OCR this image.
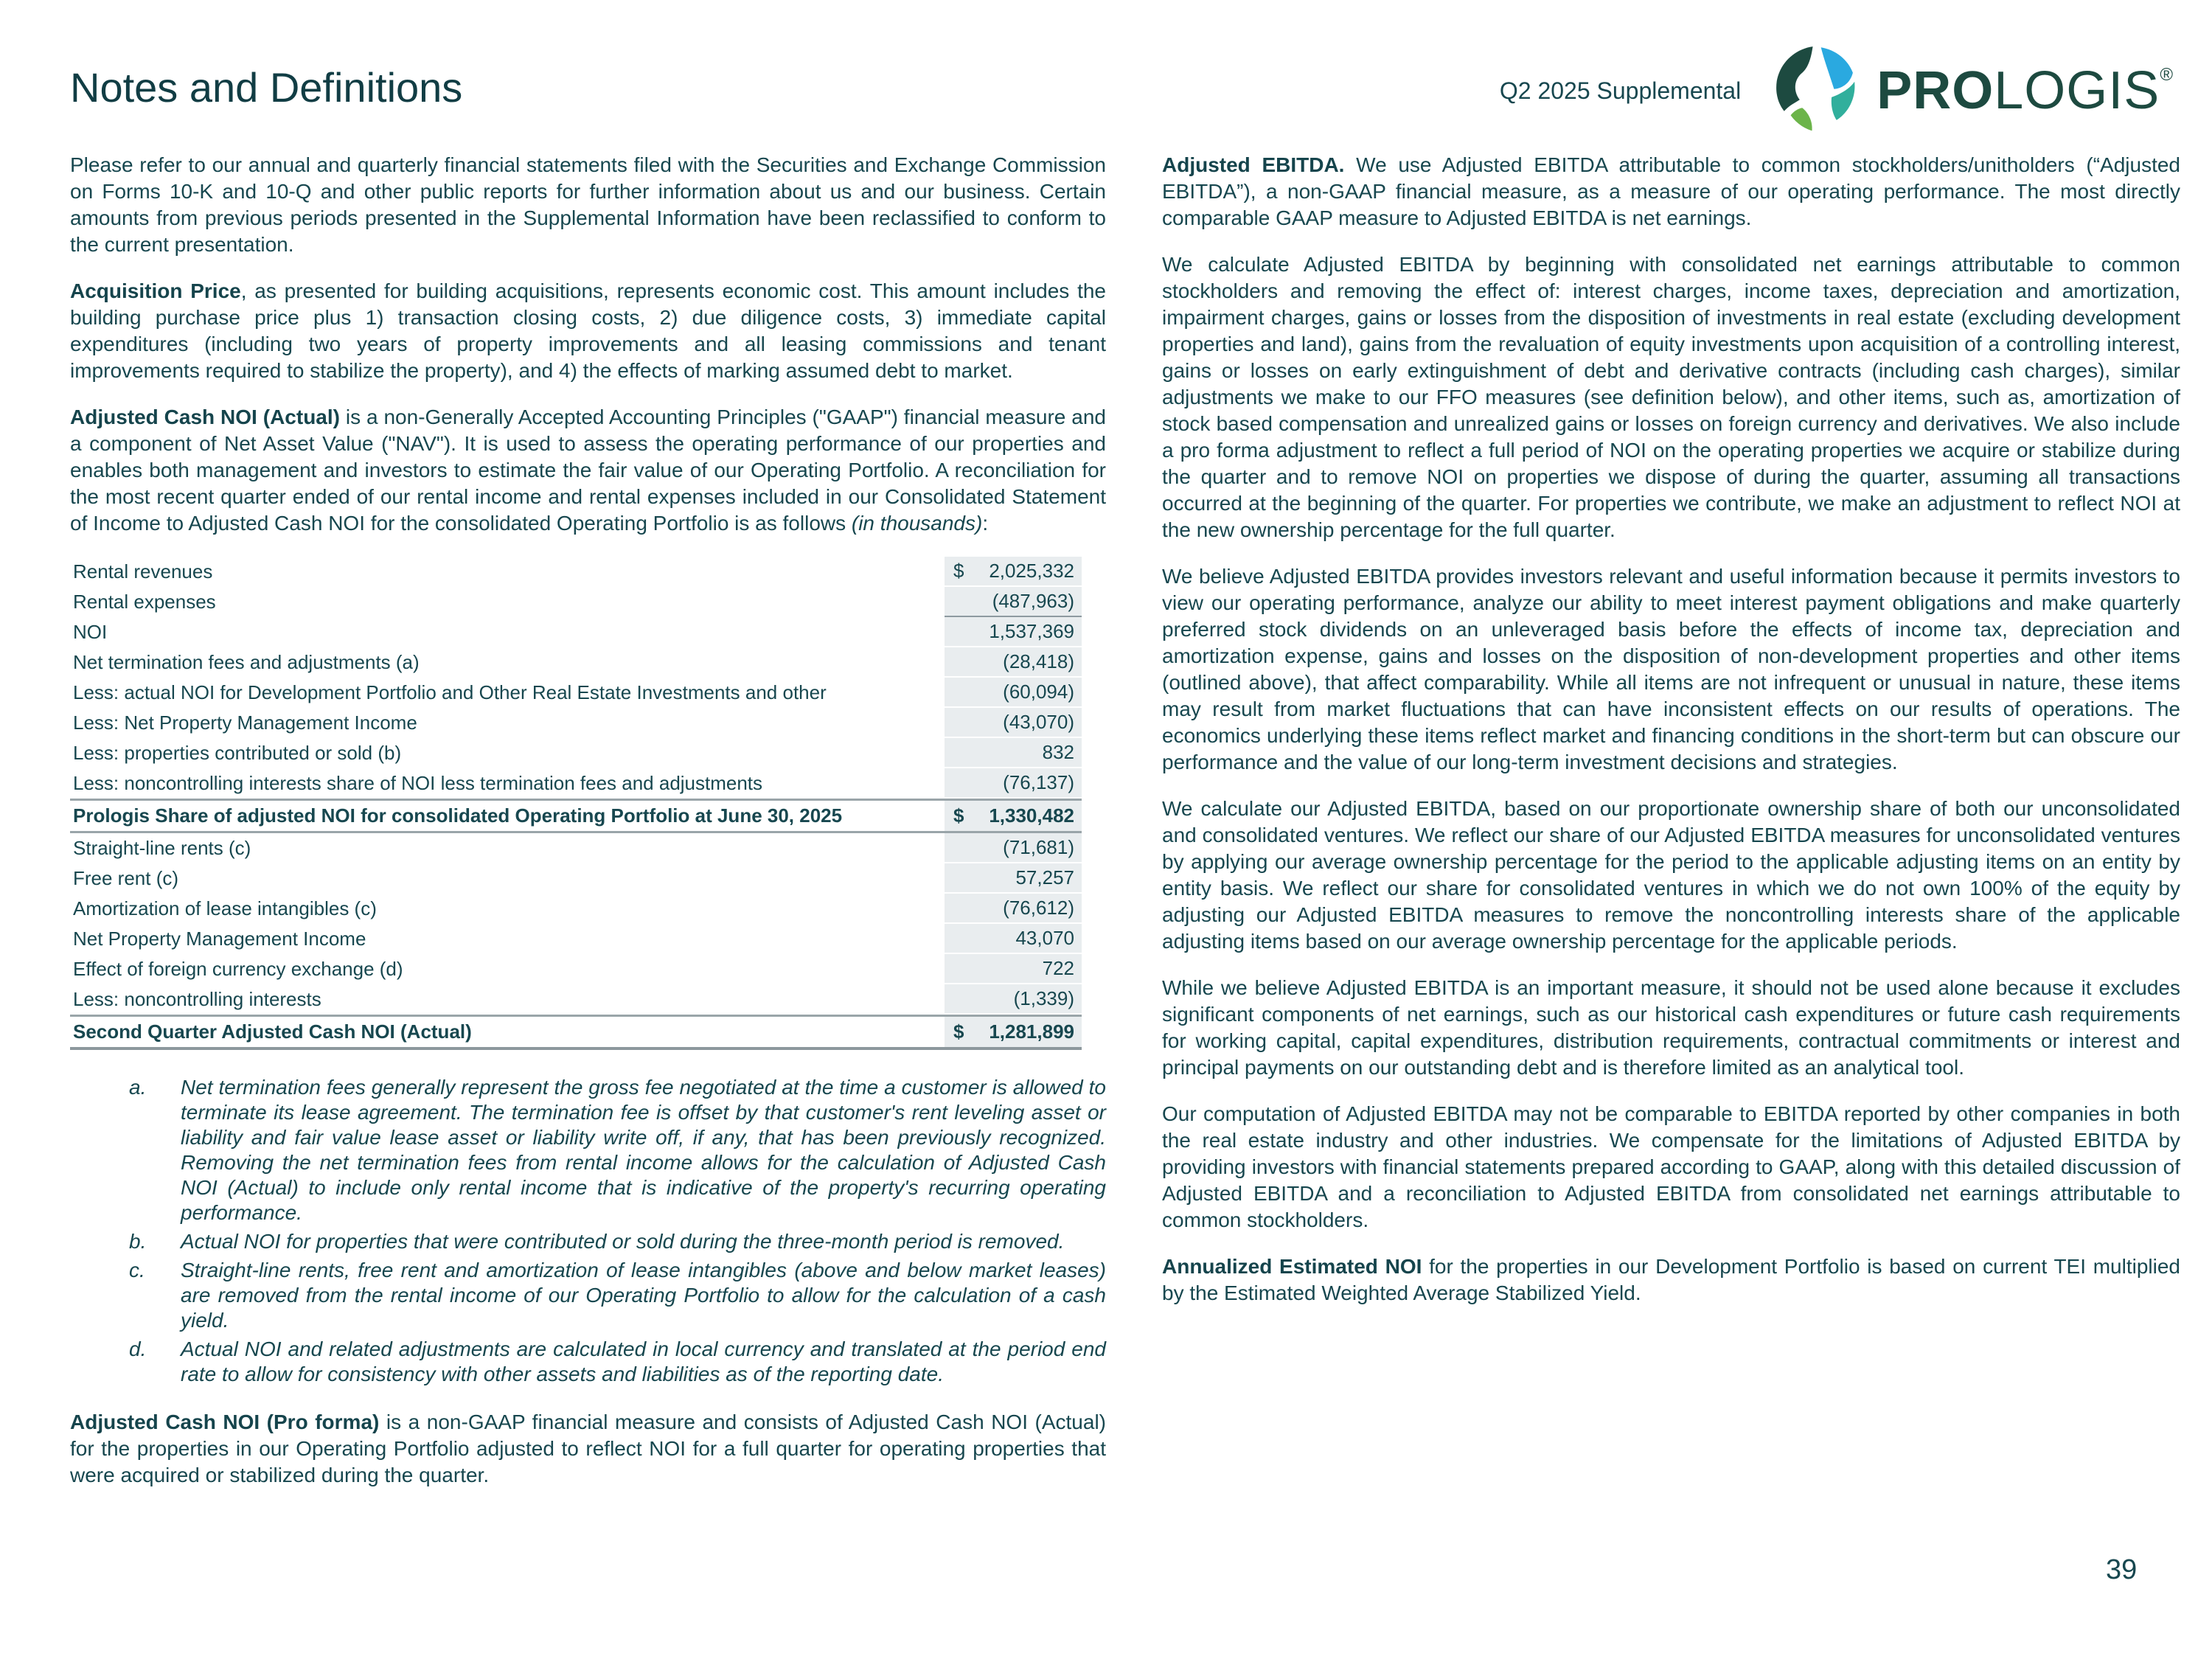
Notes and Definitions	Q2 2025 Supplemental	PROLOGIS®

Please refer to our annual and quarterly financial statements filed with the Securities and Exchange Commission on Forms 10-K and 10-Q and other public reports for further information about us and our business. Certain amounts from previous periods presented in the Supplemental Information have been reclassified to conform to the current presentation.

Acquisition Price, as presented for building acquisitions, represents economic cost. This amount includes the building purchase price plus 1) transaction closing costs, 2) due diligence costs, 3) immediate capital expenditures (including two years of property improvements and all leasing commissions and tenant improvements required to stabilize the property), and 4) the effects of marking assumed debt to market.

Adjusted Cash NOI (Actual) is a non-Generally Accepted Accounting Principles ("GAAP") financial measure and a component of Net Asset Value ("NAV"). It is used to assess the operating performance of our properties and enables both management and investors to estimate the fair value of our Operating Portfolio. A reconciliation for the most recent quarter ended of our rental income and rental expenses included in our Consolidated Statement of Income to Adjusted Cash NOI for the consolidated Operating Portfolio is as follows (in thousands):

Rental revenues	$ 2,025,332
Rental expenses	(487,963)
NOI	1,537,369
Net termination fees and adjustments (a)	(28,418)
Less: actual NOI for Development Portfolio and Other Real Estate Investments and other	(60,094)
Less: Net Property Management Income	(43,070)
Less: properties contributed or sold (b)	832
Less: noncontrolling interests share of NOI less termination fees and adjustments	(76,137)
Prologis Share of adjusted NOI for consolidated Operating Portfolio at June 30, 2025	$ 1,330,482
Straight-line rents (c)	(71,681)
Free rent (c)	57,257
Amortization of lease intangibles (c)	(76,612)
Net Property Management Income	43,070
Effect of foreign currency exchange (d)	722
Less: noncontrolling interests	(1,339)
Second Quarter Adjusted Cash NOI (Actual)	$ 1,281,899
a.	Net termination fees generally represent the gross fee negotiated at the time a customer is allowed to terminate its lease agreement. The termination fee is offset by that customer's rent leveling asset or liability and fair value lease asset or liability write off, if any, that has been previously recognized. Removing the net termination fees from rental income allows for the calculation of Adjusted Cash NOI (Actual) to include only rental income that is indicative of the property's recurring operating performance.
b.	Actual NOI for properties that were contributed or sold during the three-month period is removed.
c.	Straight-line rents, free rent and amortization of lease intangibles (above and below market leases) are removed from the rental income of our Operating Portfolio to allow for the calculation of a cash yield.
d.	Actual NOI and related adjustments are calculated in local currency and translated at the period end rate to allow for consistency with other assets and liabilities as of the reporting date.

Adjusted Cash NOI (Pro forma) is a non-GAAP financial measure and consists of Adjusted Cash NOI (Actual) for the properties in our Operating Portfolio adjusted to reflect NOI for a full quarter for operating properties that were acquired or stabilized during the quarter.

Adjusted EBITDA. We use Adjusted EBITDA attributable to common stockholders/unitholders (“Adjusted EBITDA”), a non-GAAP financial measure, as a measure of our operating performance. The most directly comparable GAAP measure to Adjusted EBITDA is net earnings.

We calculate Adjusted EBITDA by beginning with consolidated net earnings attributable to common stockholders and removing the effect of: interest charges, income taxes, depreciation and amortization, impairment charges, gains or losses from the disposition of investments in real estate (excluding development properties and land), gains from the revaluation of equity investments upon acquisition of a controlling interest, gains or losses on early extinguishment of debt and derivative contracts (including cash charges), similar adjustments we make to our FFO measures (see definition below), and other items, such as, amortization of stock based compensation and unrealized gains or losses on foreign currency and derivatives. We also include a pro forma adjustment to reflect a full period of NOI on the operating properties we acquire or stabilize during the quarter and to remove NOI on properties we dispose of during the quarter, assuming all transactions occurred at the beginning of the quarter. For properties we contribute, we make an adjustment to reflect NOI at the new ownership percentage for the full quarter.

We believe Adjusted EBITDA provides investors relevant and useful information because it permits investors to view our operating performance, analyze our ability to meet interest payment obligations and make quarterly preferred stock dividends on an unleveraged basis before the effects of income tax, depreciation and amortization expense, gains and losses on the disposition of non-development properties and other items (outlined above), that affect comparability. While all items are not infrequent or unusual in nature, these items may result from market fluctuations that can have inconsistent effects on our results of operations. The economics underlying these items reflect market and financing conditions in the short-term but can obscure our performance and the value of our long-term investment decisions and strategies.

We calculate our Adjusted EBITDA, based on our proportionate ownership share of both our unconsolidated and consolidated ventures. We reflect our share of our Adjusted EBITDA measures for unconsolidated ventures by applying our average ownership percentage for the period to the applicable adjusting items on an entity by entity basis. We reflect our share for consolidated ventures in which we do not own 100% of the equity by adjusting our Adjusted EBITDA measures to remove the noncontrolling interests share of the applicable adjusting items based on our average ownership percentage for the applicable periods.

While we believe Adjusted EBITDA is an important measure, it should not be used alone because it excludes significant components of net earnings, such as our historical cash expenditures or future cash requirements for working capital, capital expenditures, distribution requirements, contractual commitments or interest and principal payments on our outstanding debt and is therefore limited as an analytical tool.

Our computation of Adjusted EBITDA may not be comparable to EBITDA reported by other companies in both the real estate industry and other industries. We compensate for the limitations of Adjusted EBITDA by providing investors with financial statements prepared according to GAAP, along with this detailed discussion of Adjusted EBITDA and a reconciliation to Adjusted EBITDA from consolidated net earnings attributable to common stockholders.

Annualized Estimated NOI for the properties in our Development Portfolio is based on current TEI multiplied by the Estimated Weighted Average Stabilized Yield.

39
